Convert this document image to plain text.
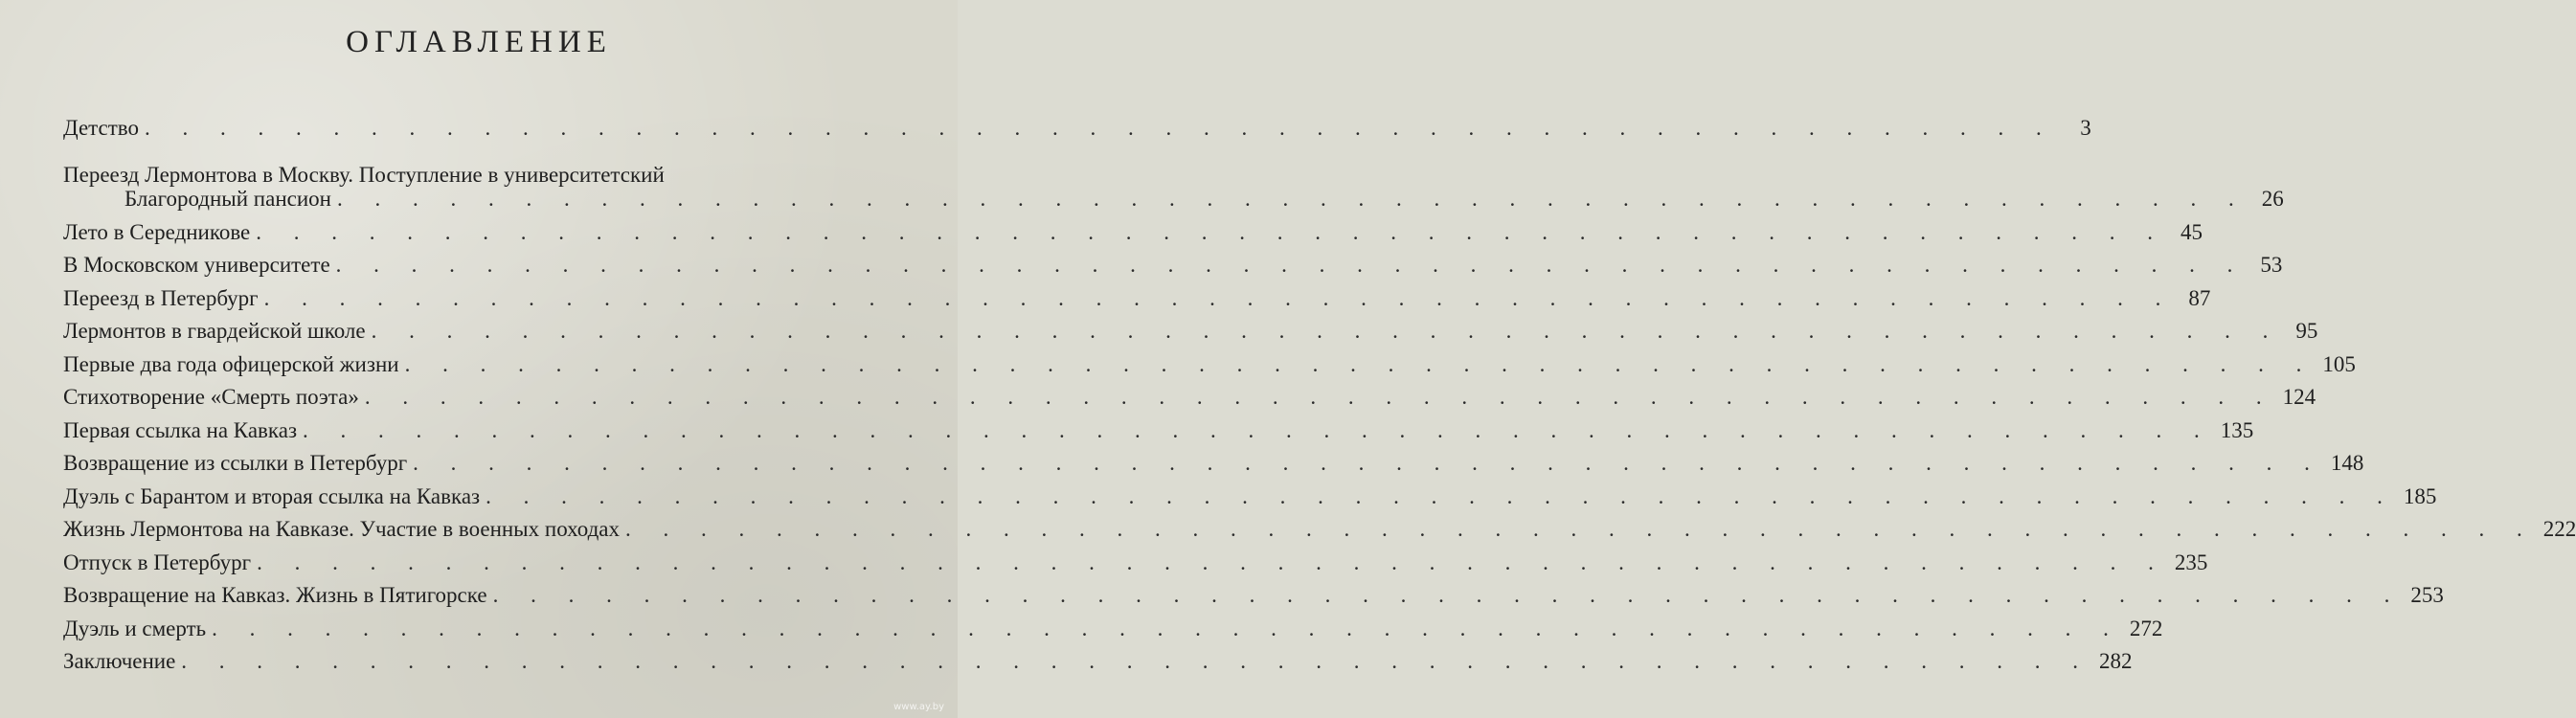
ОГЛАВЛЕНИЕ
Детство . . . . . . . . . . . . . . . . . . . . . . . . . . . . . . . . . . . . . . . . . . . . . . . . . . .	3
Переезд Лермонтова в Москву. Поступление в университетский
Благородный пансион . . . . . . . . . . . . . . . . . . . . . . . . . . . . . . . . . . . . . . . . . . . . . . . . . . . 26
Лето в Середникове . . . . . . . . . . . . . . . . . . . . . . . . . . . . . . . . . . . . . . . . . . . . . . . . . . . 45
В Московском университете . . . . . . . . . . . . . . . . . . . . . . . . . . . . . . . . . . . . . . . . . . . . . . . . . . . 53
Переезд в Петербург . . . . . . . . . . . . . . . . . . . . . . . . . . . . . . . . . . . . . . . . . . . . . . . . . . . 87
Лермонтов в гвардейской школе . . . . . . . . . . . . . . . . . . . . . . . . . . . . . . . . . . . . . . . . . . . . . . . . . . . 95
Первые два года офицерской жизни . . . . . . . . . . . . . . . . . . . . . . . . . . . . . . . . . . . . . . . . . . . . . . . . . . . 105
Стихотворение «Смерть поэта» . . . . . . . . . . . . . . . . . . . . . . . . . . . . . . . . . . . . . . . . . . . . . . . . . . . 124
Первая ссылка на Кавказ . . . . . . . . . . . . . . . . . . . . . . . . . . . . . . . . . . . . . . . . . . . . . . . . . . . 135
Возвращение из ссылки в Петербург . . . . . . . . . . . . . . . . . . . . . . . . . . . . . . . . . . . . . . . . . . . . . . . . . . . 148
Дуэль с Барантом и вторая ссылка на Кавказ . . . . . . . . . . . . . . . . . . . . . . . . . . . . . . . . . . . . . . . . . . . . . . . . . . . 185
Жизнь Лермонтова на Кавказе. Участие в военных походах . . . . . . . . . . . . . . . . . . . . . . . . . . . . . . . . . . . . . . . . . . . . . . . . . . . 222
Отпуск в Петербург . . . . . . . . . . . . . . . . . . . . . . . . . . . . . . . . . . . . . . . . . . . . . . . . . . . 235
Возвращение на Кавказ. Жизнь в Пятигорске . . . . . . . . . . . . . . . . . . . . . . . . . . . . . . . . . . . . . . . . . . . . . . . . . . . 253
Дуэль и смерть . . . . . . . . . . . . . . . . . . . . . . . . . . . . . . . . . . . . . . . . . . . . . . . . . . . 272
Заключение . . . . . . . . . . . . . . . . . . . . . . . . . . . . . . . . . . . . . . . . . . . . . . . . . . . 282
www.ay.by
